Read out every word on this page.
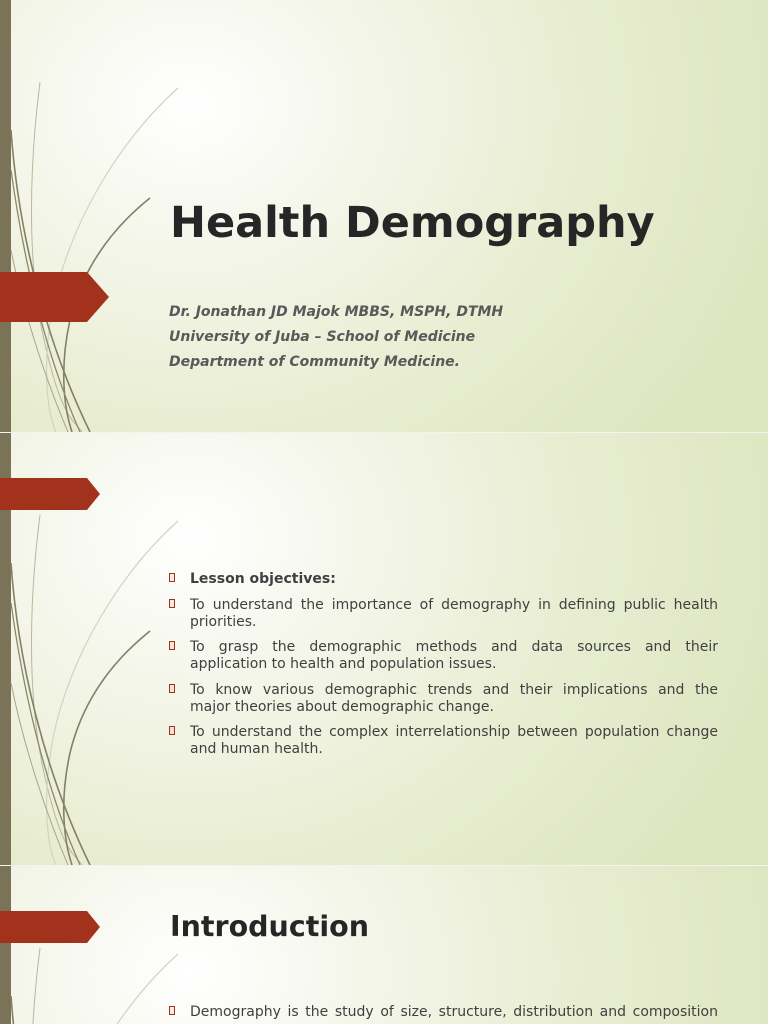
Health Demography
Dr. Jonathan JD Majok MBBS, MSPH, DTMH
University of Juba – School of Medicine
Department of Community Medicine.
Lesson objectives:
To understand the importance of demography in defining public health
priorities.
To grasp the demographic methods and data sources and their
application to health and population issues.
To know various demographic trends and their implications and the
major theories about demographic change.
To understand the complex interrelationship between population change
and human health.
Introduction
Demography is the study of size, structure, distribution and composition
